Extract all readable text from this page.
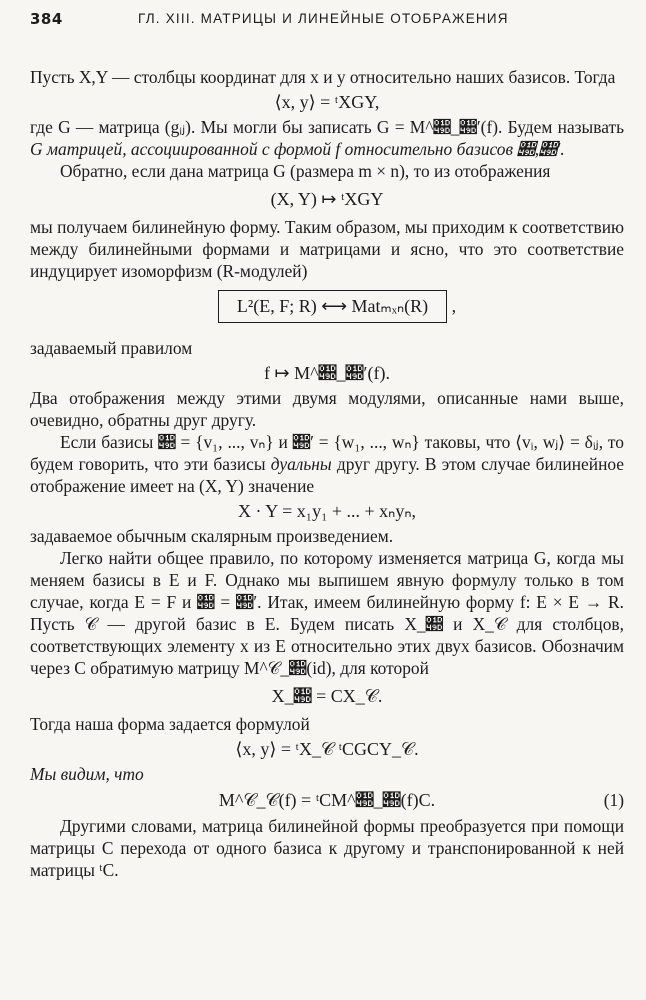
384	ГЛ. XIII. МАТРИЦЫ И ЛИНЕЙНЫЕ ОТОБРАЖЕНИЯ

Пусть X,Y — столбцы координат для x и y относительно наших базисов. Тогда

⟨x, y⟩ = ᵗXGY,

где G — матрица (gᵢⱼ). Мы могли бы записать G = M^𝒝_𝒝′(f). Будем называть G матрицей, ассоциированной с формой f относительно базисов 𝒝,𝒝′.

Обратно, если дана матрица G (размера m × n), то из отображения

(X, Y) ↦ ᵗXGY

мы получаем билинейную форму. Таким образом, мы приходим к соответствию между билинейными формами и матрицами и ясно, что это соответствие индуцирует изоморфизм (R-модулей)

L²(E, F; R) ⟷ Matₘₓₙ(R) ,

задаваемый правилом

f ↦ M^𝒝_𝒝′(f).

Два отображения между этими двумя модулями, описанные нами выше, очевидно, обратны друг другу.

Если базисы 𝒝 = {v₁, ..., vₙ} и 𝒝′ = {w₁, ..., wₙ} таковы, что ⟨vᵢ, wⱼ⟩ = δᵢⱼ, то будем говорить, что эти базисы дуальны друг другу. В этом случае билинейное отображение имеет на (X, Y) значение

X · Y = x₁y₁ + ... + xₙyₙ,

задаваемое обычным скалярным произведением.

Легко найти общее правило, по которому изменяется матрица G, когда мы меняем базисы в E и F. Однако мы выпишем явную формулу только в том случае, когда E = F и 𝒝 = 𝒝′. Итак, имеем билинейную форму f: E × E → R. Пусть 𝒞 — другой базис в E. Будем писать X_𝒝 и X_𝒞 для столбцов, соответствующих элементу x из E относительно этих двух базисов. Обозначим через C обратимую матрицу M^𝒞_𝒝(id), для которой

X_𝒝 = CX_𝒞.

Тогда наша форма задается формулой

⟨x, y⟩ = ᵗX_𝒞 ᵗCGCY_𝒞.

Мы видим, что

M^𝒞_𝒞(f) = ᵗCM^𝒝_𝒝(f)C.	(1)

Другими словами, матрица билинейной формы преобразуется при помощи матрицы C перехода от одного базиса к другому и транспонированной к ней матрицы ᵗC.
